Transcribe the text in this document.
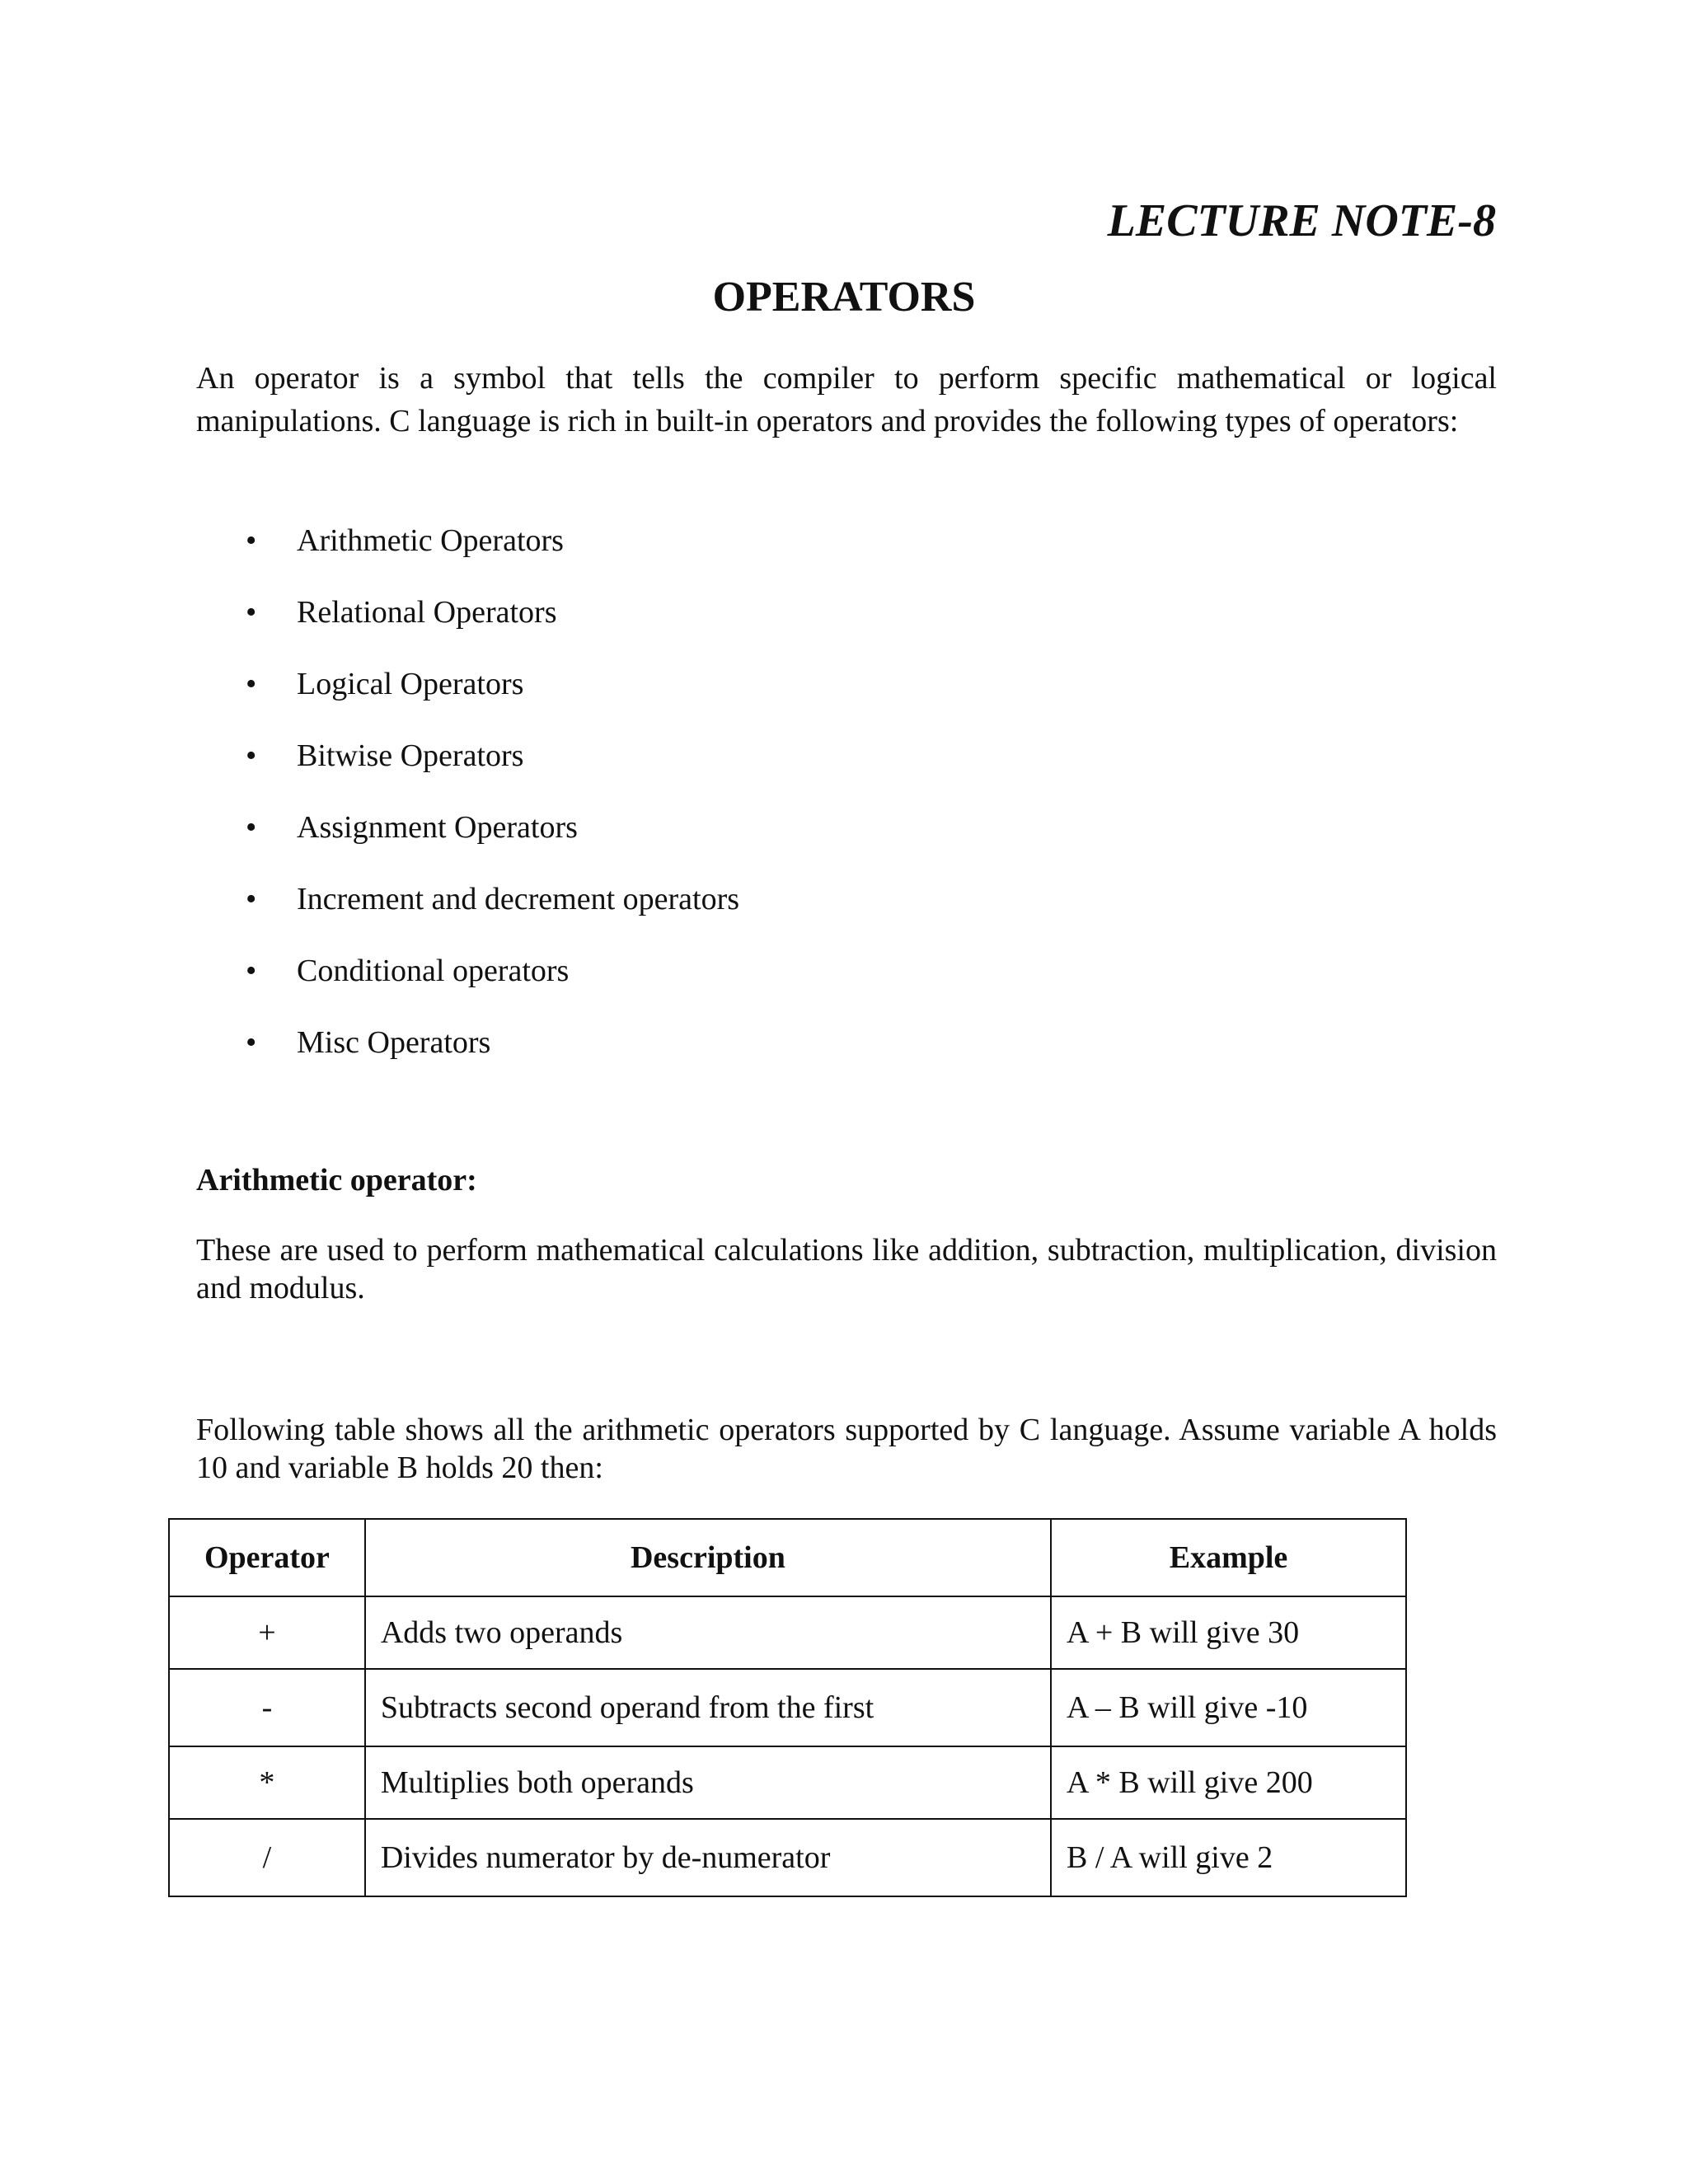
LECTURE NOTE-8
OPERATORS

An operator is a symbol that tells the compiler to perform specific mathematical or logical manipulations. C language is rich in built-in operators and provides the following types of operators:

• Arithmetic Operators
• Relational Operators
• Logical Operators
• Bitwise Operators
• Assignment Operators
• Increment and decrement operators
• Conditional operators
• Misc Operators
Arithmetic operator:

These are used to perform mathematical calculations like addition, subtraction, multiplication, division and modulus.

Following table shows all the arithmetic operators supported by C language. Assume variable A holds 10 and variable B holds 20 then:

Operator	Description	Example
+	Adds two operands	A + B will give 30
-	Subtracts second operand from the first	A – B will give -10
*	Multiplies both operands	A * B will give 200
/	Divides numerator by de-numerator	B / A will give 2
